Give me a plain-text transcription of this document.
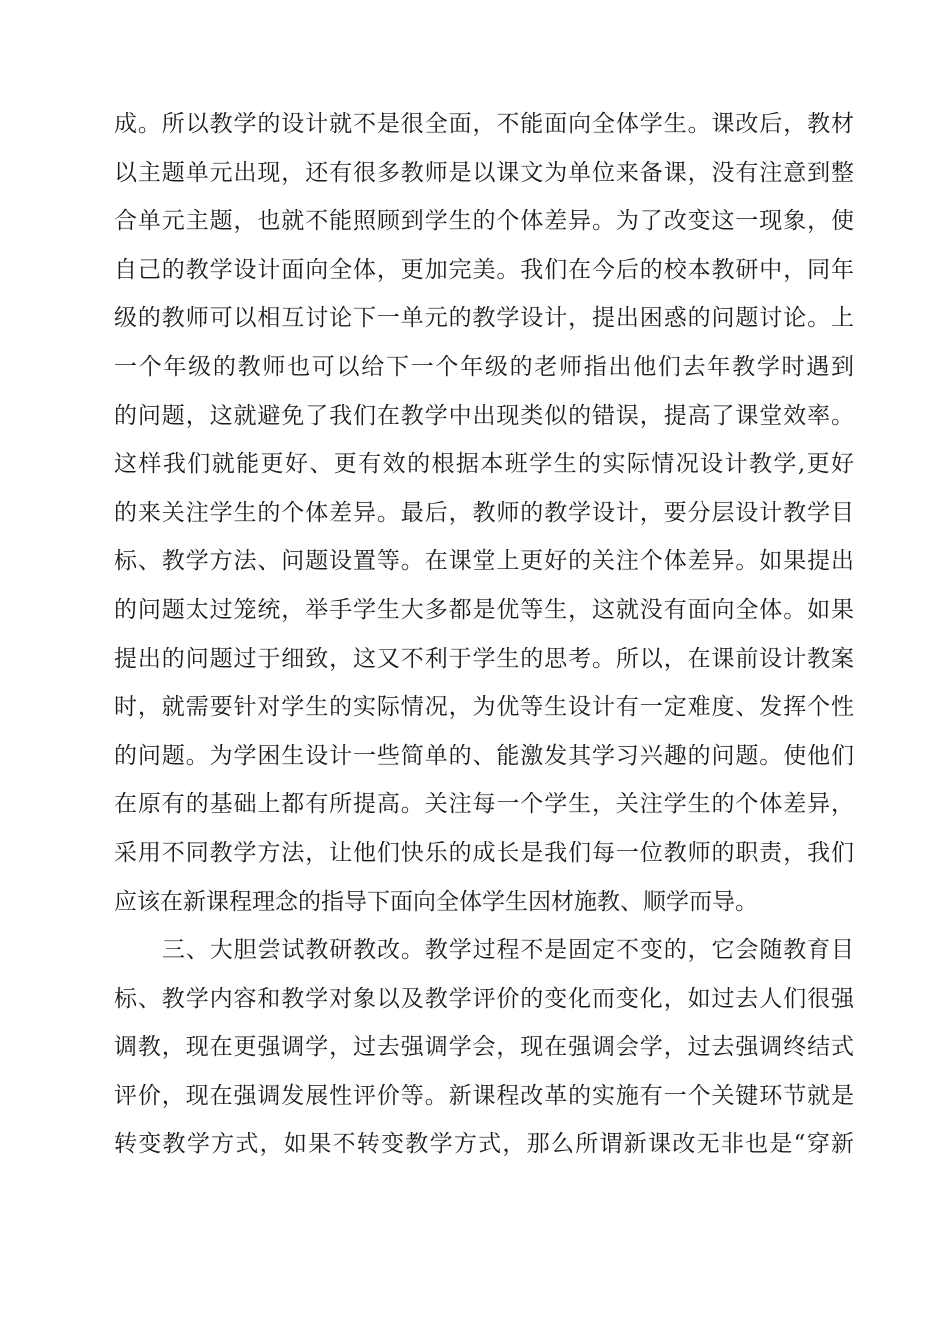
成。所以教学的设计就不是很全面，不能面向全体学生。课改后，教材
以主题单元出现，还有很多教师是以课文为单位来备课，没有注意到整
合单元主题，也就不能照顾到学生的个体差异。为了改变这一现象，使
自己的教学设计面向全体，更加完美。我们在今后的校本教研中，同年
级的教师可以相互讨论下一单元的教学设计，提出困惑的问题讨论。上
一个年级的教师也可以给下一个年级的老师指出他们去年教学时遇到
的问题，这就避免了我们在教学中出现类似的错误，提高了课堂效率。
这样我们就能更好、更有效的根据本班学生的实际情况设计教学,更好
的来关注学生的个体差异。最后，教师的教学设计，要分层设计教学目
标、教学方法、问题设置等。在课堂上更好的关注个体差异。如果提出
的问题太过笼统，举手学生大多都是优等生，这就没有面向全体。如果
提出的问题过于细致，这又不利于学生的思考。所以，在课前设计教案
时，就需要针对学生的实际情况，为优等生设计有一定难度、发挥个性
的问题。为学困生设计一些简单的、能激发其学习兴趣的问题。使他们
在原有的基础上都有所提高。关注每一个学生，关注学生的个体差异，
采用不同教学方法，让他们快乐的成长是我们每一位教师的职责，我们
应该在新课程理念的指导下面向全体学生因材施教、顺学而导。
三、大胆尝试教研教改。教学过程不是固定不变的，它会随教育目
标、教学内容和教学对象以及教学评价的变化而变化，如过去人们很强
调教，现在更强调学，过去强调学会，现在强调会学，过去强调终结式
评价，现在强调发展性评价等。新课程改革的实施有一个关键环节就是
转变教学方式，如果不转变教学方式，那么所谓新课改无非也是“穿新
